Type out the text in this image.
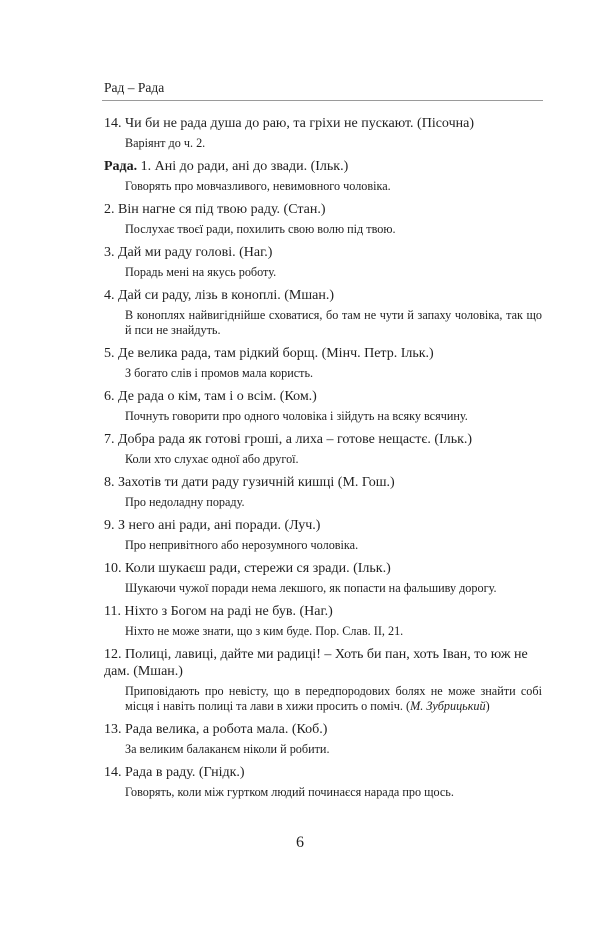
Рад – Рада
14. Чи би не рада душа до раю, та гріхи не пускают. (Пісочна)
Варіянт до ч. 2.
Рада. 1. Ані до ради, ані до звади. (Ільк.)
Говорять про мовчазливого, невимовного чоловіка.
2. Він нагне ся під твою раду. (Стан.)
Послухає твоєї ради, похилить свою волю під твою.
3. Дай ми раду голові. (Наг.)
Порадь мені на якусь роботу.
4. Дай си раду, лізь в коноплі. (Мшан.)
В коноплях найвигіднійше сховатися, бо там не чути й запаху чоловіка, так що й пси не знайдуть.
5. Де велика рада, там рідкий борщ. (Мінч. Петр. Ільк.)
З богато слів і промов мала користь.
6. Де рада о кім, там і о всім. (Ком.)
Почнуть говорити про одного чоловіка і зійдуть на всяку всячину.
7. Добра рада як готові гроші, а лиха – готове нещастє. (Ільк.)
Коли хто слухає одної або другої.
8. Захотів ти дати раду гузичній кишці (М. Гош.)
Про недоладну пораду.
9. З него ані ради, ані поради. (Луч.)
Про непривітного або нерозумного чоловіка.
10. Коли шукаєш ради, стережи ся зради. (Ільк.)
Шукаючи чужої поради нема лекшого, як попасти на фальшиву дорогу.
11. Ніхто з Богом на раді не був. (Наг.)
Ніхто не може знати, що з ким буде. Пор. Слав. II, 21.
12. Полиці, лавиці, дайте ми радиці! – Хоть би пан, хоть Іван, то юж не дам. (Мшан.)
Приповідають про невісту, що в передпородових болях не може знайти собі місця і навіть полиці та лави в хижи просить о поміч. (М. Зубрицький)
13. Рада велика, а робота мала. (Коб.)
За великим балаканєм ніколи й робити.
14. Рада в раду. (Гнідк.)
Говорять, коли між гуртком людий починаєся нарада про щось.
6
